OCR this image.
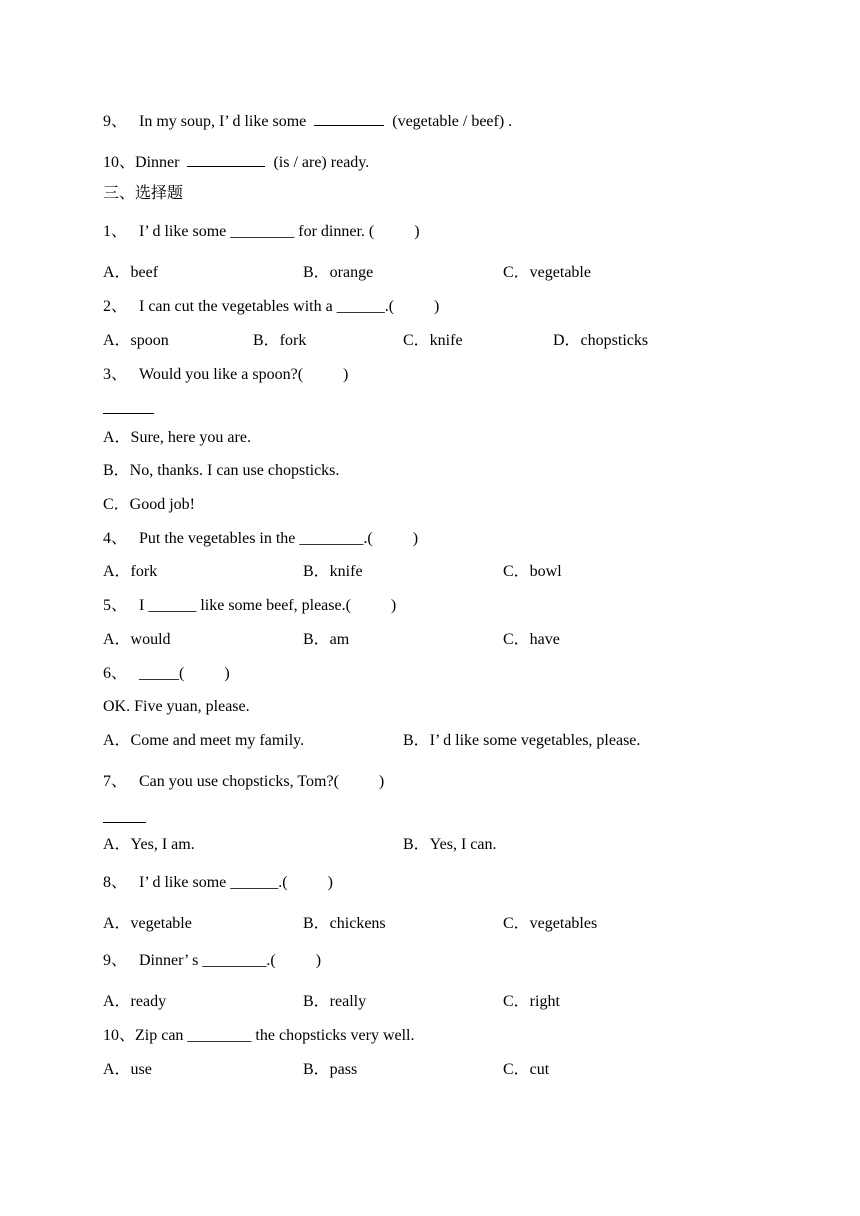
9、 In my soup, I’ d like some	(vegetable / beef) .
10、Dinner	(is / are) ready.
三、选择题
1、   I’ d like some ________ for dinner. (          )
A．beef	B．orange	C．vegetable
2、   I can cut the vegetables with a ______.(          )
A．spoon	B．fork	C．knife	D．chopsticks
3、   Would you like a spoon?(          )
A．Sure, here you are.
B．No, thanks. I can use chopsticks.
C．Good job!
4、   Put the vegetables in the ________.(          )
A．fork	B．knife	C．bowl
5、   I ______ like some beef, please.(          )
A．would	B．am	C．have
6、   _____(          )
OK. Five yuan, please.
A．Come and meet my family.	B．I’ d like some vegetables, please.
7、   Can you use chopsticks, Tom?(          )
A．Yes, I am.	B．Yes, I can.
8、   I’ d like some ______.(          )
A．vegetable	B．chickens	C．vegetables
9、   Dinner’ s ________.(          )
A．ready	B．really	C．right
10、Zip can ________ the chopsticks very well.
A．use	B．pass	C．cut
